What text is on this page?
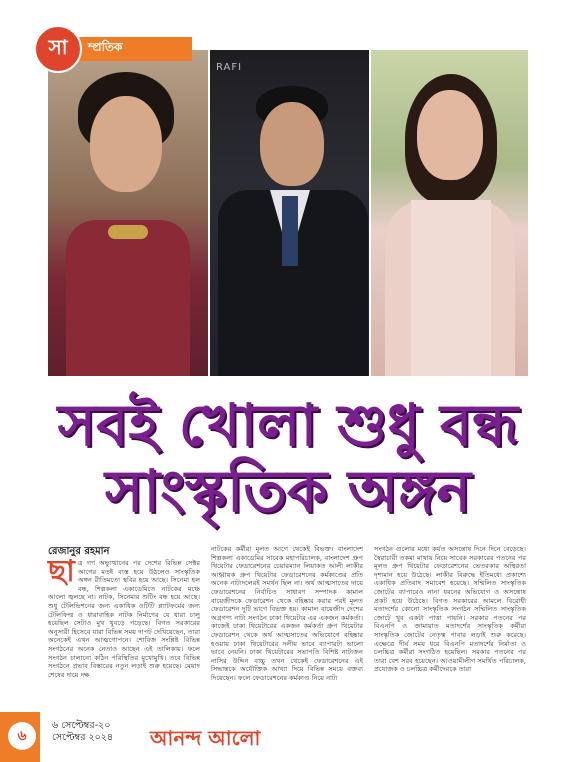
RAFI
সা	ম্প্রতিক
সবই খোলা শুধু বন্ধ
সাংস্কৃতিক অঙ্গন
রেজানুর রহমান
ছা ত্র গণ অভ্যুত্থানের পর দেশের বিভিন্ন সেক্টর আগের মতই ব্যস্ত হয়ে উঠলেও সাংস্কৃতিক অঙ্গন রীতিমতো স্থবির হয়ে আছে। সিনেমা হল বন্ধ, শিল্পকলা একাডেমিতে নাটকের মঞ্চে আলো জ্বলছে না। নাটক, সিনেমার শুটিং বন্ধ হয়ে আছে। শুধু টেলিভিশনের জন্য একাধিক ওটিটি প্ল্যাটফর্মের জন্য টেলিফিল্ম ও ধারাবাহিক নাটক নির্মাণের যে ধারা চালু হয়েছিল সেটাও মুখ থুবড়ে পড়েছে। বিগত সরকারের অনুসারী হিসেবে যারা বিভিন্ন সময় দাপট দেখিয়েছেন, তারা অনেকেই এখন আত্মগোপনে। শোবিজ সংশ্লিষ্ট বিভিন্ন সংগঠনের অনেক নেতাও আছেন এই তালিকায়। ফলে সংগঠন চালানো কঠিন পরিস্থিতির মুখোমুখি। তবে বিভিন্ন সংগঠনে প্রভাব বিস্তারের নতুন লড়াই শুরু হয়েছে। মেয়াদ শেষের দায়ে দক্ষ

নাটকের কর্মীরা মূলত আগে থেকেই বিভক্ত। বাংলাদেশ শিল্পকলা একাডেমির সাবেক মহাপরিচালক, বাংলাদেশ গ্রুপ থিয়েটার ফেডারেশনের চেয়ারম্যান লিয়াকত আলী লাকীর আহ্বায়ক গ্রুপ থিয়েটার ফেডারেশনের কর্মকাণ্ডের প্রতি অনেক নাট্যদলেরই সমর্থন ছিল না। অর্থ আত্মসাতের দায়ে ফেডারেশনের নির্বাচিত সাধারণ সম্পাদক কামাল বায়েজীদকে ফেডারেশন থেকে বহিষ্কার করার পরই মূলত ফেডারেশন দুটি ভাগে বিভক্ত হয়। কামাল বায়েজীদ দেশের অগ্রগণ্য নাট্য সংগঠন ঢাকা থিয়েটার এর একজন কর্মকর্তা। কাজেই ঢাকা থিয়েটারের একজন কর্মকর্তা গ্রুপ থিয়েটার ফেডারেশন থেকে অর্থ আত্মসাতের অভিযোগে বহিষ্কার হওয়ায় ঢাকা থিয়েটারের দলীয় ভাবে ব্যাপারটা ভালো ভাবে নেয়নি। ঢাকা থিয়েটারের সভাপতি বিশিষ্ট নাট্যজন নাসির উদ্দিন বাচ্চু তখন থেকেই ফেডারেশনের এই সিদ্ধান্তকে অযৌক্তিক আখ্যা দিয়ে বিভিন্ন সময়ে বক্তব্য দিয়েছেন। ফলে ফেডারেশনের কর্মকাণ্ড নিয়ে নাট্য

সংগঠন গুলোর মধ্যে কর্যত অসন্তোষ দিনে দিনে বেড়েছে। স্বৈরাচারী তকমা মাথায় নিয়ে সাবেক সরকারের পতনের পর মূলত গ্রুপ থিয়েটার ফেডারেশনের ভেতরকার অস্থিরতা দৃশ্যমান হয়ে উঠেছে। লাকীর বিরুদ্ধে ইতিমধ্যে প্রকাশ্যে একাধিক প্রতিবাদ সমাবেশ হয়েছে। সম্মিলিত সাংস্কৃতিক জোটের ব্যাপারেও নানা ধরনের অভিযোগ ও অসন্তোষ প্রকট হয়ে উঠেছে। বিগত সরকারের আমলে বিরোধী মতাদর্শের কোনো সাংস্কৃতিক সংগঠন সম্মিলিত সাংস্কৃতিক জোটে খুব একটা পাত্তা পায়নি। সরকার পতনের পর বিএনপি ও জামায়াত মতাদর্শের সাংস্কৃতিক কর্মীরা সাংস্কৃতিক জোটের নেতৃত্ব পাবার লড়াই শুরু করেছে। এক্ষেত্রে দীর্ঘ সময় ধরে বিএনপি মতাদর্শের নির্মাতা ও চলচ্চিত্র কর্মীরা সংগঠিত হয়েছিল। সরকার পতনের পর তারা বেশ সরব হয়েছেন। আওয়ামীলীগ সমর্থিত পরিচালক, প্রযোজক ও চলচ্চিত্র কর্মীদেরকে তারা

৬
৬ সেপ্টেম্বর-২০
সেপ্টেম্বর ২০২৪ আনন্দ আলো
